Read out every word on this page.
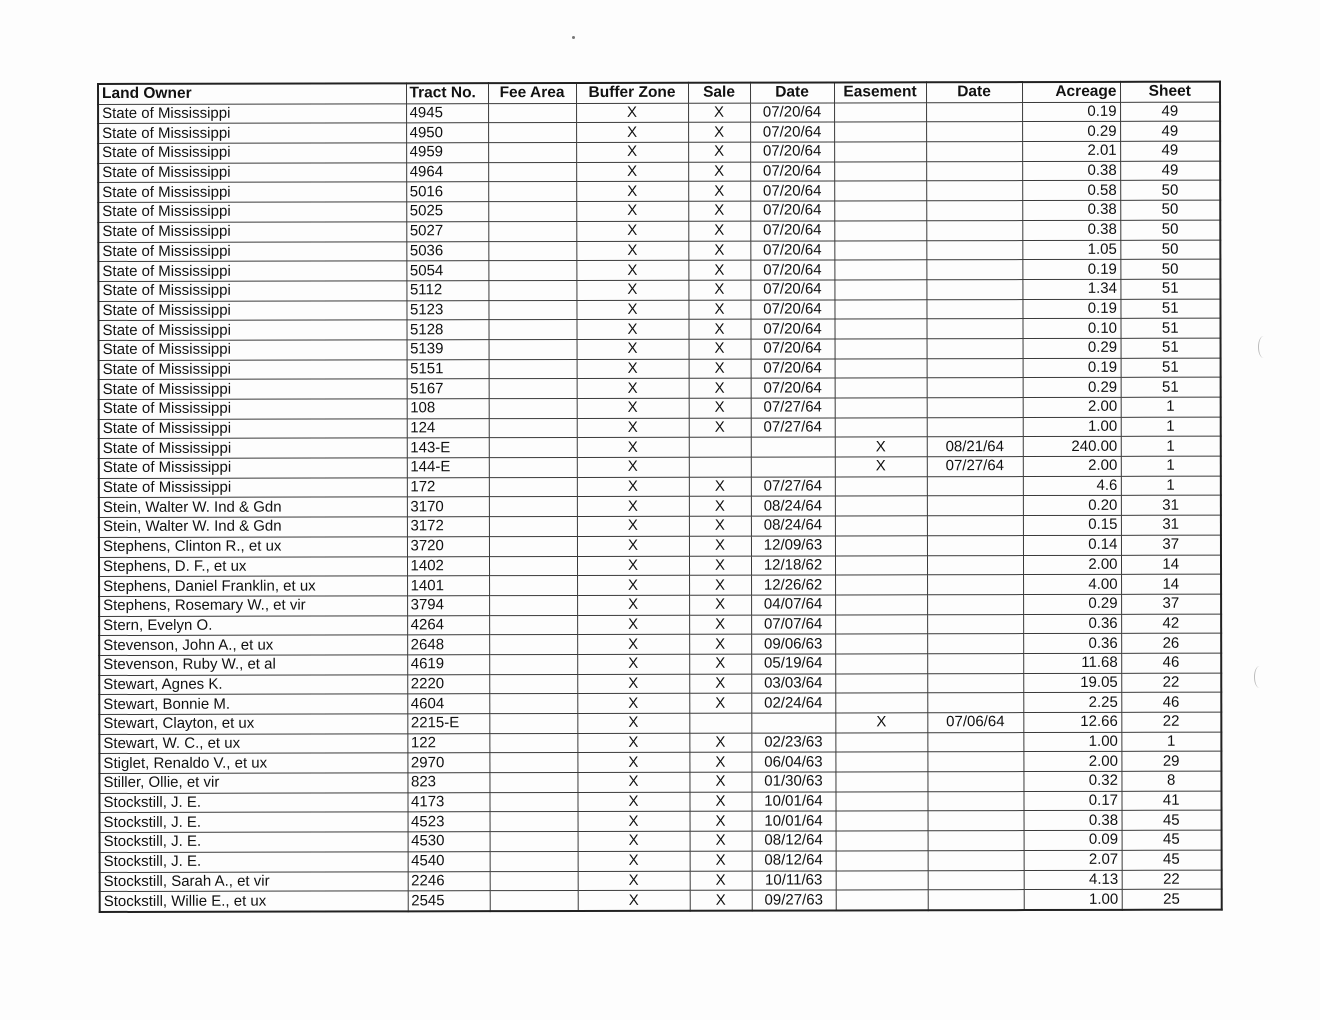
Land Owner	Tract No.	Fee Area	Buffer Zone	Sale	Date	Easement	Date	Acreage	Sheet
State of Mississippi	4945		X	X	07/20/64			0.19	49
State of Mississippi	4950		X	X	07/20/64			0.29	49
State of Mississippi	4959		X	X	07/20/64			2.01	49
State of Mississippi	4964		X	X	07/20/64			0.38	49
State of Mississippi	5016		X	X	07/20/64			0.58	50
State of Mississippi	5025		X	X	07/20/64			0.38	50
State of Mississippi	5027		X	X	07/20/64			0.38	50
State of Mississippi	5036		X	X	07/20/64			1.05	50
State of Mississippi	5054		X	X	07/20/64			0.19	50
State of Mississippi	5112		X	X	07/20/64			1.34	51
State of Mississippi	5123		X	X	07/20/64			0.19	51
State of Mississippi	5128		X	X	07/20/64			0.10	51
State of Mississippi	5139		X	X	07/20/64			0.29	51
State of Mississippi	5151		X	X	07/20/64			0.19	51
State of Mississippi	5167		X	X	07/20/64			0.29	51
State of Mississippi	108		X	X	07/27/64			2.00	1
State of Mississippi	124		X	X	07/27/64			1.00	1
State of Mississippi	143-E		X			X	08/21/64	240.00	1
State of Mississippi	144-E		X			X	07/27/64	2.00	1
State of Mississippi	172		X	X	07/27/64			4.6	1
Stein, Walter W. Ind & Gdn	3170		X	X	08/24/64			0.20	31
Stein, Walter W. Ind & Gdn	3172		X	X	08/24/64			0.15	31
Stephens, Clinton R., et ux	3720		X	X	12/09/63			0.14	37
Stephens, D. F., et ux	1402		X	X	12/18/62			2.00	14
Stephens, Daniel Franklin, et ux	1401		X	X	12/26/62			4.00	14
Stephens, Rosemary W., et vir	3794		X	X	04/07/64			0.29	37
Stern, Evelyn O.	4264		X	X	07/07/64			0.36	42
Stevenson, John A., et ux	2648		X	X	09/06/63			0.36	26
Stevenson, Ruby W., et al	4619		X	X	05/19/64			11.68	46
Stewart, Agnes K.	2220		X	X	03/03/64			19.05	22
Stewart, Bonnie M.	4604		X	X	02/24/64			2.25	46
Stewart, Clayton, et ux	2215-E		X			X	07/06/64	12.66	22
Stewart, W. C., et ux	122		X	X	02/23/63			1.00	1
Stiglet, Renaldo V., et ux	2970		X	X	06/04/63			2.00	29
Stiller, Ollie, et vir	823		X	X	01/30/63			0.32	8
Stockstill, J. E.	4173		X	X	10/01/64			0.17	41
Stockstill, J. E.	4523		X	X	10/01/64			0.38	45
Stockstill, J. E.	4530		X	X	08/12/64			0.09	45
Stockstill, J. E.	4540		X	X	08/12/64			2.07	45
Stockstill, Sarah A., et vir	2246		X	X	10/11/63			4.13	22
Stockstill, Willie E., et ux	2545		X	X	09/27/63			1.00	25
